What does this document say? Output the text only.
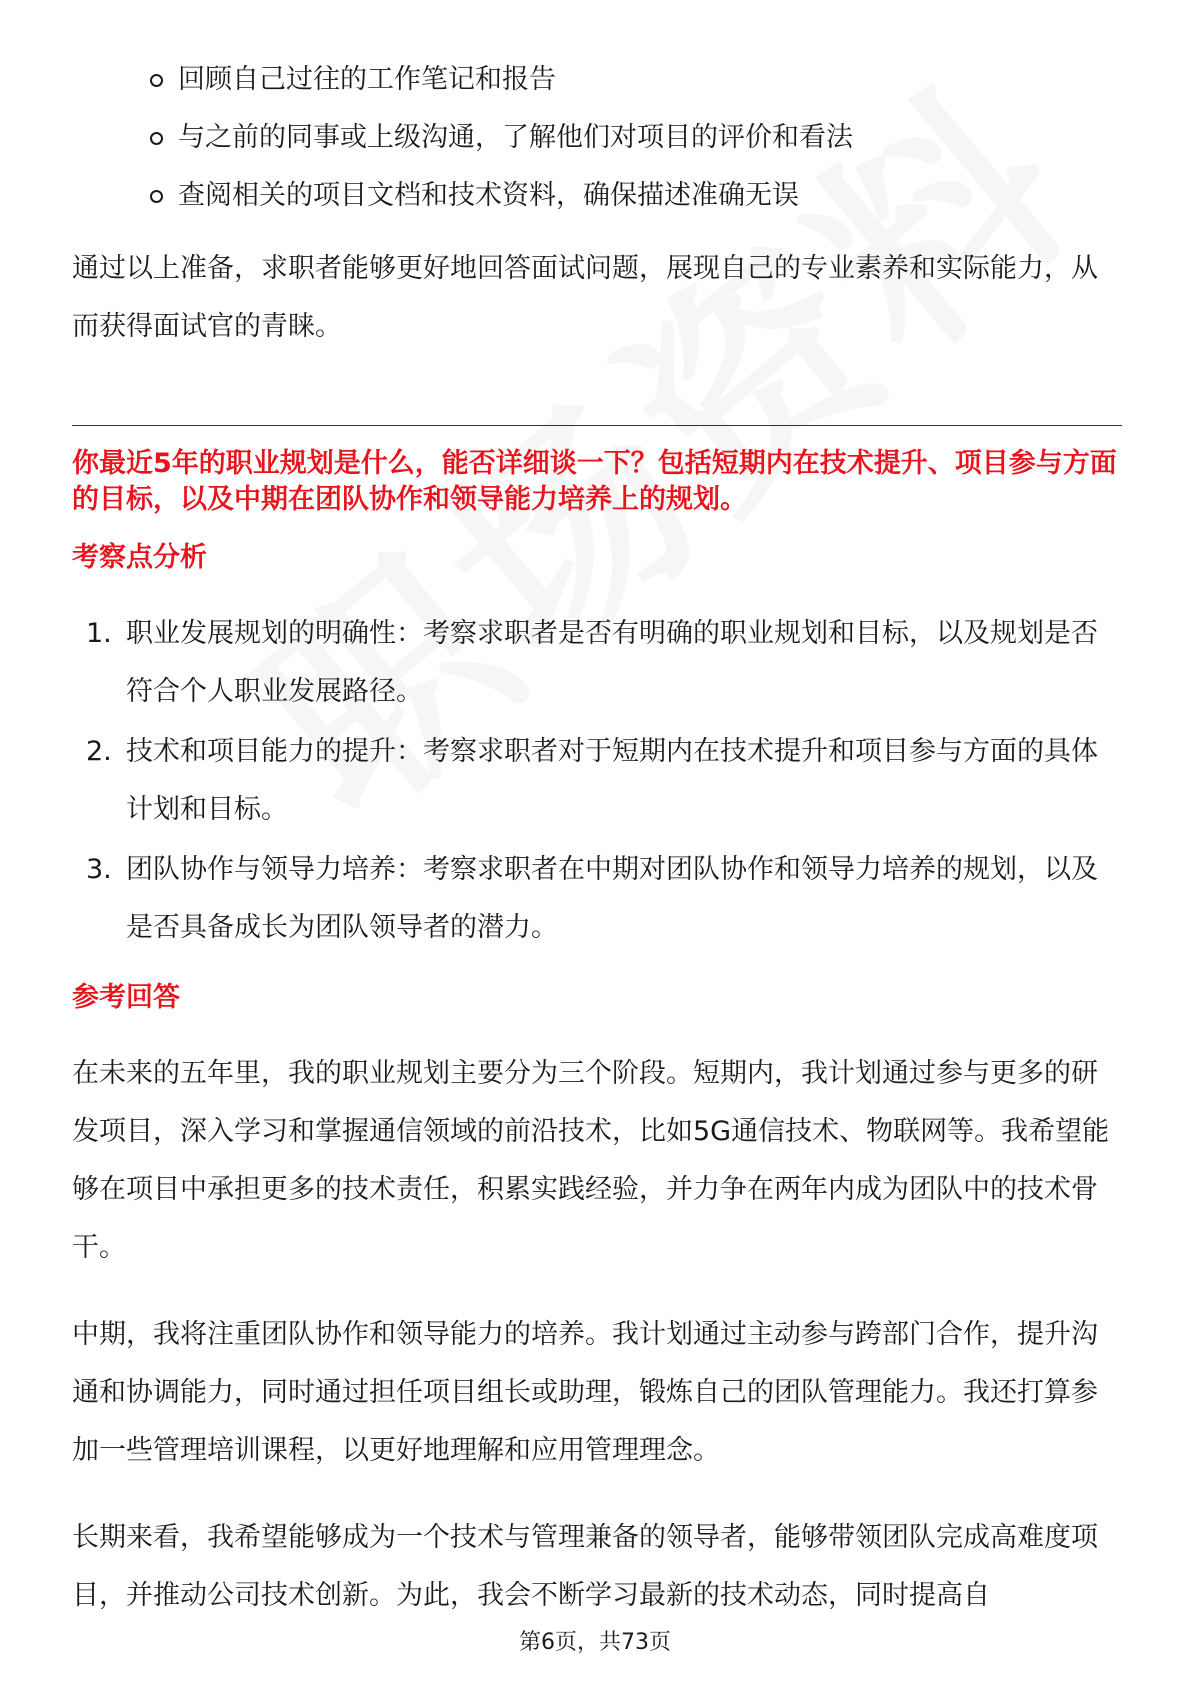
回顾自己过往的工作笔记和报告
与之前的同事或上级沟通，了解他们对项目的评价和看法
查阅相关的项目文档和技术资料，确保描述准确无误

通过以上准备，求职者能够更好地回答面试问题，展现自己的专业素养和实际能力，从而获得面试官的青睐。

你最近5年的职业规划是什么，能否详细谈一下？包括短期内在技术提升、项目参与方面的目标，以及中期在团队协作和领导能力培养上的规划。

考察点分析
1. 职业发展规划的明确性：考察求职者是否有明确的职业规划和目标，以及规划是否符合个人职业发展路径。
2. 技术和项目能力的提升：考察求职者对于短期内在技术提升和项目参与方面的具体计划和目标。
3. 团队协作与领导力培养：考察求职者在中期对团队协作和领导力培养的规划，以及是否具备成长为团队领导者的潜力。
参考回答

在未来的五年里，我的职业规划主要分为三个阶段。短期内，我计划通过参与更多的研发项目，深入学习和掌握通信领域的前沿技术，比如5G通信技术、物联网等。我希望能够在项目中承担更多的技术责任，积累实践经验，并力争在两年内成为团队中的技术骨干。

中期，我将注重团队协作和领导能力的培养。我计划通过主动参与跨部门合作，提升沟通和协调能力，同时通过担任项目组长或助理，锻炼自己的团队管理能力。我还打算参加一些管理培训课程，以更好地理解和应用管理理念。

长期来看，我希望能够成为一个技术与管理兼备的领导者，能够带领团队完成高难度项目，并推动公司技术创新。为此，我会不断学习最新的技术动态，同时提高自

第6页，共73页
